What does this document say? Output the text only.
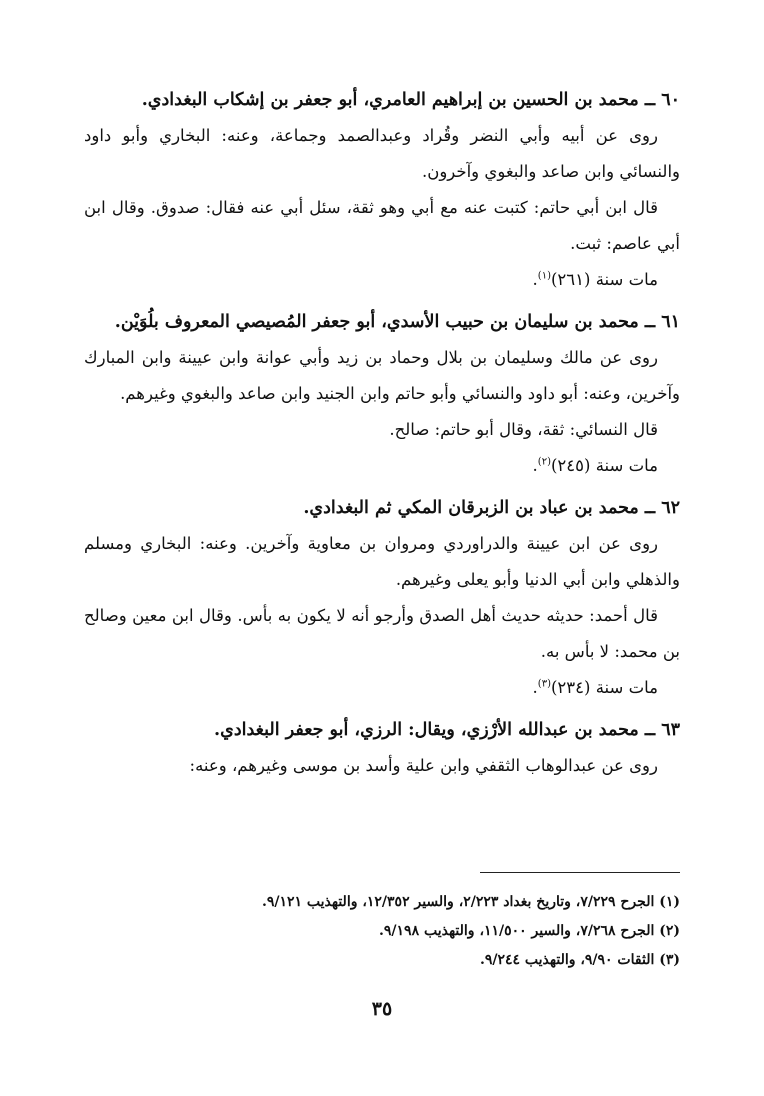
٦٠ ــ محمد بن الحسين بن إبراهيم العامري، أبو جعفر بن إشكاب البغدادي.

روى عن أبيه وأبي النضر وقُراد وعبدالصمد وجماعة، وعنه: البخاري وأبو داود والنسائي وابن صاعد والبغوي وآخرون.

قال ابن أبي حاتم: كتبت عنه مع أبي وهو ثقة، سئل أبي عنه فقال: صدوق. وقال ابن أبي عاصم: ثبت.

مات سنة (٢٦١)$^{(١)}$.

٦١ ــ محمد بن سليمان بن حبيب الأسدي، أبو جعفر المُصيصي المعروف بلُوَيْن.

روى عن مالك وسليمان بن بلال وحماد بن زيد وأبي عوانة وابن عيينة وابن المبارك وآخرين، وعنه: أبو داود والنسائي وأبو حاتم وابن الجنيد وابن صاعد والبغوي وغيرهم.

قال النسائي: ثقة، وقال أبو حاتم: صالح.

مات سنة (٢٤٥)$^{(٢)}$.

٦٢ ــ محمد بن عباد بن الزبرقان المكي ثم البغدادي.

روى عن ابن عيينة والدراوردي ومروان بن معاوية وآخرين. وعنه: البخاري ومسلم والذهلي وابن أبي الدنيا وأبو يعلى وغيرهم.

قال أحمد: حديثه حديث أهل الصدق وأرجو أنه لا يكون به بأس. وقال ابن معين وصالح بن محمد: لا بأس به.

مات سنة (٢٣٤)$^{(٣)}$.

٦٣ ــ محمد بن عبدالله الأرْزي، ويقال: الرزي، أبو جعفر البغدادي.

روى عن عبدالوهاب الثقفي وابن علية وأسد بن موسى وغيرهم، وعنه:

(١) الجرح ٧/٢٢٩، وتاريخ بغداد ٢/٢٢٣، والسير ١٢/٣٥٢، والتهذيب ٩/١٢١.
(٢) الجرح ٧/٢٦٨، والسير ١١/٥٠٠، والتهذيب ٩/١٩٨.
(٣) الثقات ٩/٩٠، والتهذيب ٩/٢٤٤.
٣٥
